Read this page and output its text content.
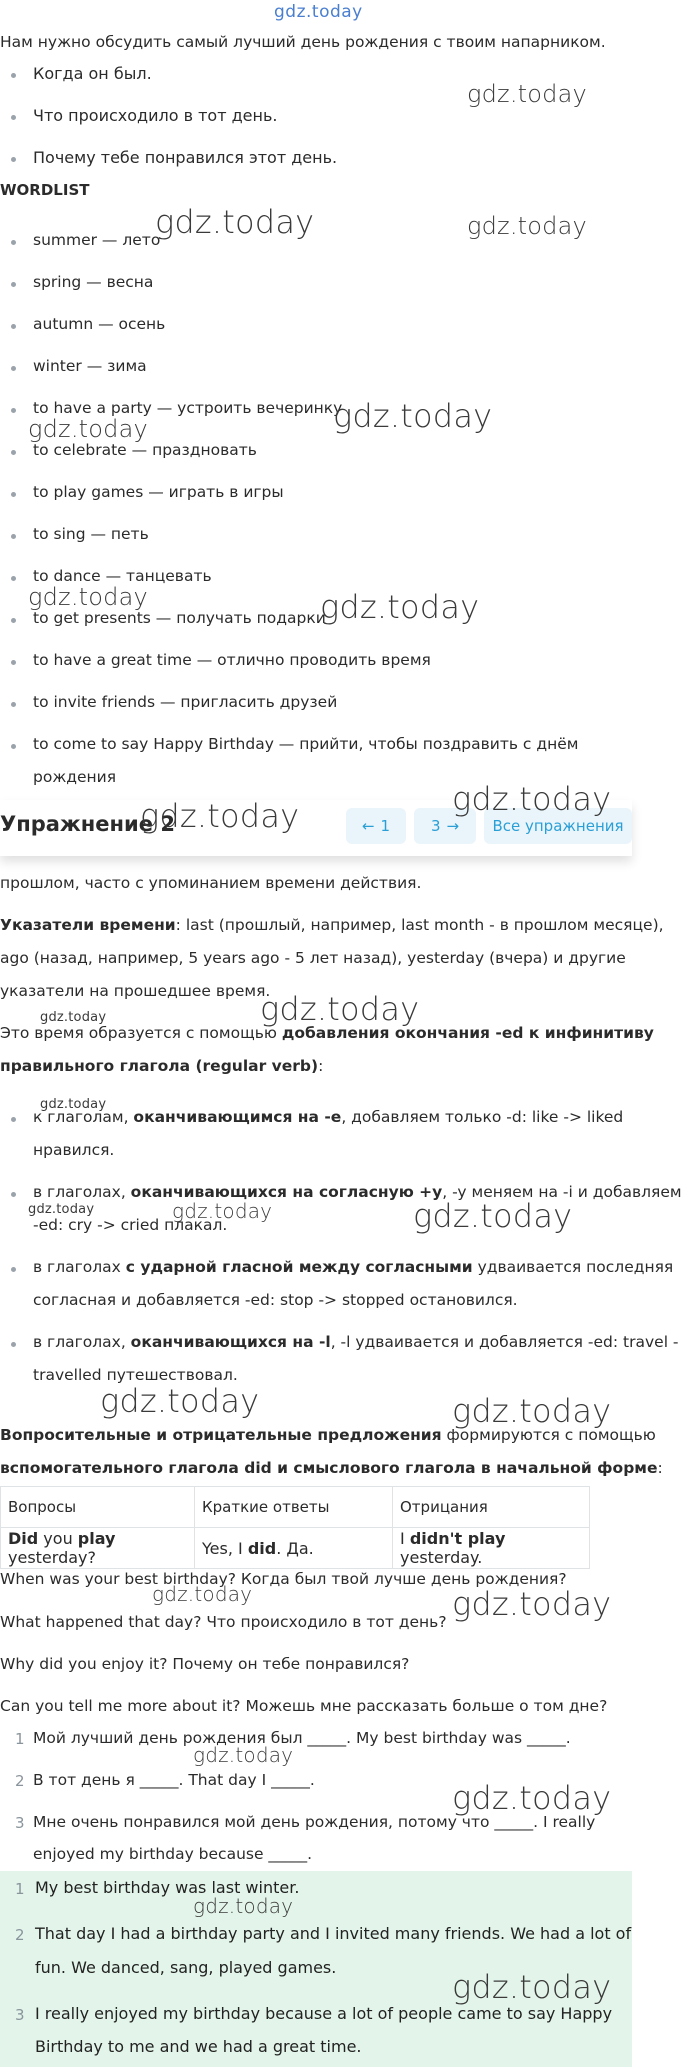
gdz.today
Нам нужно обсудить самый лучший день рождения с твоим напарником.
Когда он был.
Что происходило в тот день.
Почему тебе понравился этот день.
WORDLIST
summer — лето
spring — весна
autumn — осень
winter — зима
to have a party — устроить вечеринку
to celebrate — праздновать
to play games — играть в игры
to sing — петь
to dance — танцевать
to get presents — получать подарки
to have a great time — отлично проводить время
to invite friends — пригласить друзей
to come to say Happy Birthday — прийти, чтобы поздравить с днём
рождения
Упражнение 2	← 1	3 → Все упражнения
прошлом, часто с упоминанием времени действия.
Указатели времени: last (прошлый, например, last month - в прошлом месяце),
ago (назад, например, 5 years ago - 5 лет назад), yesterday (вчера) и другие
указатели на прошедшее время.
Это время образуется с помощью добавления окончания -ed к инфинитиву
правильного глагола (regular verb):
к глаголам, оканчивающимся на -e, добавляем только -d: like -> liked
нравился.
в глаголах, оканчивающихся на согласную +y, -y меняем на -i и добавляем
-ed: cry -> cried плакал.
в глаголах с ударной гласной между согласными удваивается последняя
согласная и добавляется -ed: stop -> stopped остановился.
в глаголах, оканчивающихся на -l, -l удваивается и добавляется -ed: travel -
travelled путешествовал.
Вопросительные и отрицательные предложения формируются с помощью
вспомогательного глагола did и смыслового глагола в начальной форме:
Вопросы	Краткие ответы	Отрицания
Did you play yesterday?	Yes, I did. Да.	I didn't play yesterday.
When was your best birthday? Когда был твой лучше день рождения?
What happened that day? Что происходило в тот день?
Why did you enjoy it? Почему он тебе понравился?
Can you tell me more about it? Можешь мне рассказать больше о том дне?
1 Мой лучший день рождения был _____. My best birthday was _____.
2 В тот день я _____. That day I _____.
3 Мне очень понравился мой день рождения, потому что _____. I really
enjoyed my birthday because _____.
1 My best birthday was last winter.
2 That day I had a birthday party and I invited many friends. We had a lot of
fun. We danced, sang, played games.
3 I really enjoyed my birthday because a lot of people came to say Happy
Birthday to me and we had a great time.
gdz.today
gdz.today	gdz.today
gdz.today
gdz.today
gdz.today	gdz.today
gdz.today
gdz.today
gdz.today
gdz.today
gdz.today
gdz.today
gdz.today	gdz.today
gdz.today	gdz.today
gdz.today	gdz.today
gdz.today
gdz.today
gdz.today
gdz.today
